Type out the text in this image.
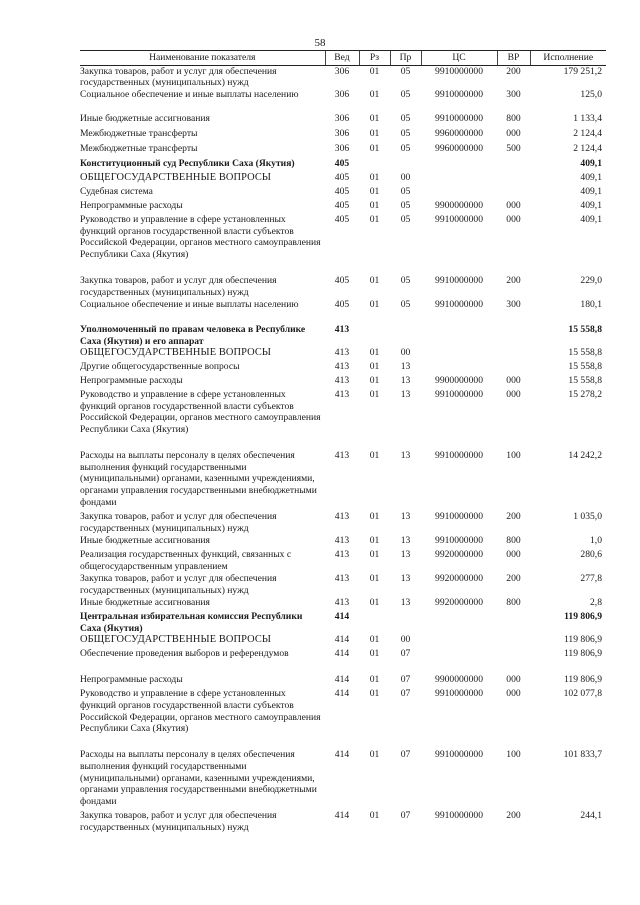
58
Наименование показателя	Вед	Рз	Пр	ЦС	ВР	Исполнение
Закупка товаров, работ и услуг для обеспечения государственных (муниципальных) нужд	306	01	05	9910000000	200	179 251,2
Социальное обеспечение и иные выплаты населению	306	01	05	9910000000	300	125,0
Иные бюджетные ассигнования	306	01	05	9910000000	800	1 133,4
Межбюджетные трансферты	306	01	05	9960000000	000	2 124,4
Межбюджетные трансферты	306	01	05	9960000000	500	2 124,4
Конституционный суд Республики Саха (Якутия)	405					409,1
ОБЩЕГОСУДАРСТВЕННЫЕ ВОПРОСЫ	405	01	00			409,1
Судебная система	405	01	05			409,1
Непрограммные расходы	405	01	05	9900000000	000	409,1
Руководство и управление в сфере установленных функций органов государственной власти субъектов Российской Федерации, органов местного самоуправления Республики Саха (Якутия)	405	01	05	9910000000	000	409,1
Закупка товаров, работ и услуг для обеспечения государственных (муниципальных) нужд	405	01	05	9910000000	200	229,0
Социальное обеспечение и иные выплаты населению	405	01	05	9910000000	300	180,1
Уполномоченный по правам человека в Республике Саха (Якутия) и его аппарат	413					15 558,8
ОБЩЕГОСУДАРСТВЕННЫЕ ВОПРОСЫ	413	01	00			15 558,8
Другие общегосударственные вопросы	413	01	13			15 558,8
Непрограммные расходы	413	01	13	9900000000	000	15 558,8
Руководство и управление в сфере установленных функций органов государственной власти субъектов Российской Федерации, органов местного самоуправления Республики Саха (Якутия)	413	01	13	9910000000	000	15 278,2
Расходы на выплаты персоналу в целях обеспечения выполнения функций государственными (муниципальными) органами, казенными учреждениями, органами управления государственными внебюджетными фондами	413	01	13	9910000000	100	14 242,2
Закупка товаров, работ и услуг для обеспечения государственных (муниципальных) нужд	413	01	13	9910000000	200	1 035,0
Иные бюджетные ассигнования	413	01	13	9910000000	800	1,0
Реализация государственных функций, связанных с общегосударственным управлением	413	01	13	9920000000	000	280,6
Закупка товаров, работ и услуг для обеспечения государственных (муниципальных) нужд	413	01	13	9920000000	200	277,8
Иные бюджетные ассигнования	413	01	13	9920000000	800	2,8
Центральная избирательная комиссия Республики Саха (Якутия)	414					119 806,9
ОБЩЕГОСУДАРСТВЕННЫЕ ВОПРОСЫ	414	01	00			119 806,9
Обеспечение проведения выборов и референдумов	414	01	07			119 806,9
Непрограммные расходы	414	01	07	9900000000	000	119 806,9
Руководство и управление в сфере установленных функций органов государственной власти субъектов Российской Федерации, органов местного самоуправления Республики Саха (Якутия)	414	01	07	9910000000	000	102 077,8
Расходы на выплаты персоналу в целях обеспечения выполнения функций государственными (муниципальными) органами, казенными учреждениями, органами управления государственными внебюджетными фондами	414	01	07	9910000000	100	101 833,7
Закупка товаров, работ и услуг для обеспечения государственных (муниципальных) нужд	414	01	07	9910000000	200	244,1
